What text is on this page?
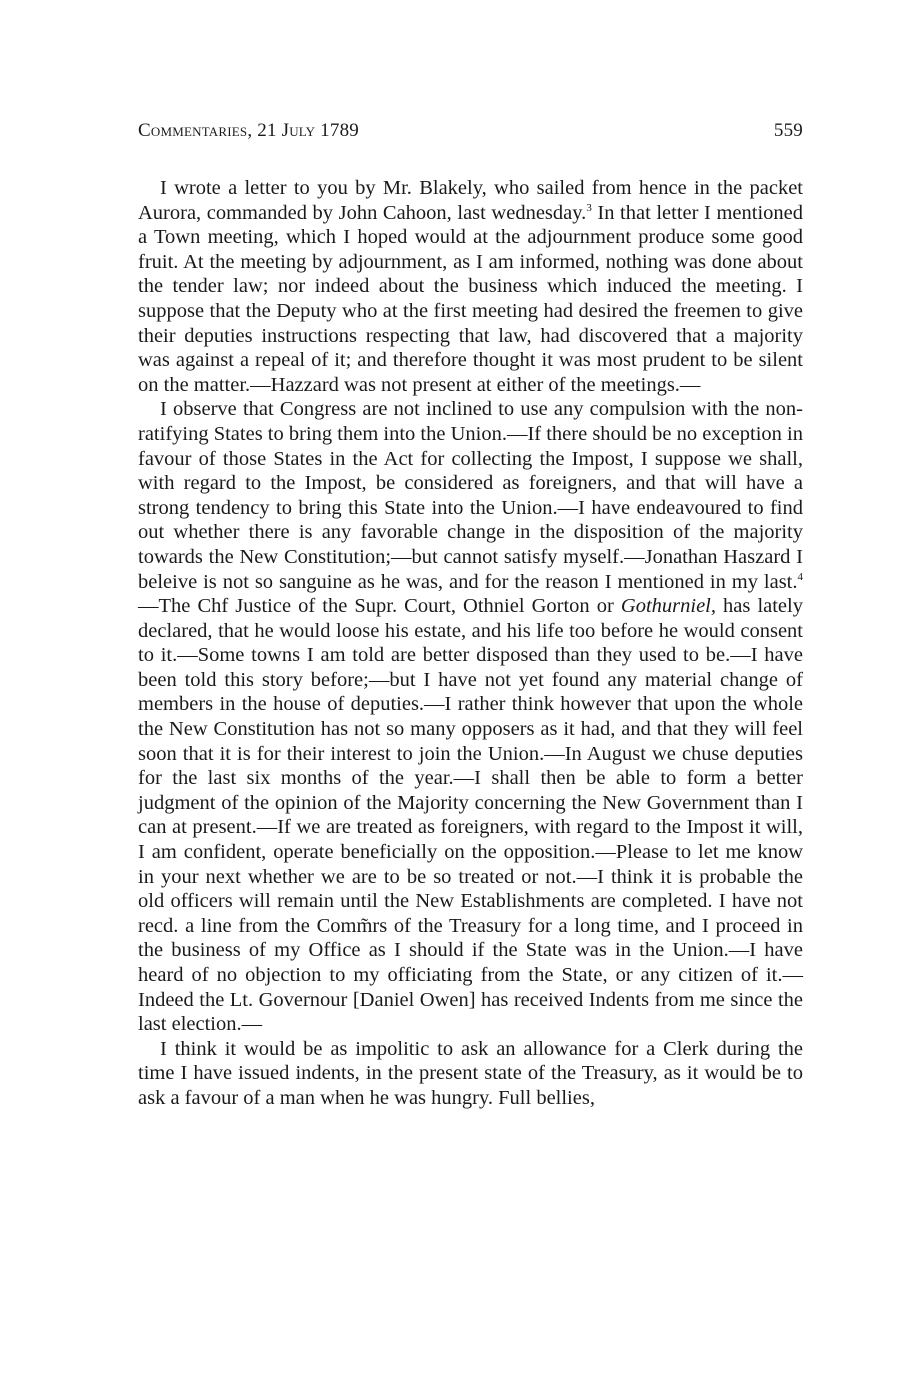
Commentaries, 21 July 1789	559

I wrote a letter to you by Mr. Blakely, who sailed from hence in the packet Aurora, commanded by John Cahoon, last wednesday.$^3$ In that letter I mentioned a Town meeting, which I hoped would at the adjournment produce some good fruit. At the meeting by adjournment, as I am informed, nothing was done about the tender law; nor indeed about the business which induced the meeting. I suppose that the Deputy who at the first meeting had desired the freemen to give their deputies instructions respecting that law, had discovered that a majority was against a repeal of it; and therefore thought it was most prudent to be silent on the matter.—Hazzard was not present at either of the meetings.—

I observe that Congress are not inclined to use any compulsion with the non-ratifying States to bring them into the Union.—If there should be no exception in favour of those States in the Act for collecting the Impost, I suppose we shall, with regard to the Impost, be considered as foreigners, and that will have a strong tendency to bring this State into the Union.—I have endeavoured to find out whether there is any favorable change in the disposition of the majority towards the New Constitution;—but cannot satisfy myself.—Jonathan Haszard I beleive is not so sanguine as he was, and for the reason I mentioned in my last.$^4$—The Chf Justice of the Supr. Court, Othniel Gorton or Gothurniel, has lately declared, that he would loose his estate, and his life too before he would consent to it.—Some towns I am told are better disposed than they used to be.—I have been told this story before;—but I have not yet found any material change of members in the house of deputies.—I rather think however that upon the whole the New Constitution has not so many opposers as it had, and that they will feel soon that it is for their interest to join the Union.—In August we chuse deputies for the last six months of the year.—I shall then be able to form a better judgment of the opinion of the Majority concerning the New Government than I can at present.—If we are treated as foreigners, with regard to the Impost it will, I am confident, operate beneficially on the opposition.—Please to let me know in your next whether we are to be so treated or not.—I think it is probable the old officers will remain until the New Establishments are completed. I have not recd. a line from the Comm̃rs of the Treasury for a long time, and I proceed in the business of my Office as I should if the State was in the Union.—I have heard of no objection to my officiating from the State, or any citizen of it.—Indeed the Lt. Governour [Daniel Owen] has received Indents from me since the last election.—

I think it would be as impolitic to ask an allowance for a Clerk during the time I have issued indents, in the present state of the Treasury, as it would be to ask a favour of a man when he was hungry. Full bellies,
